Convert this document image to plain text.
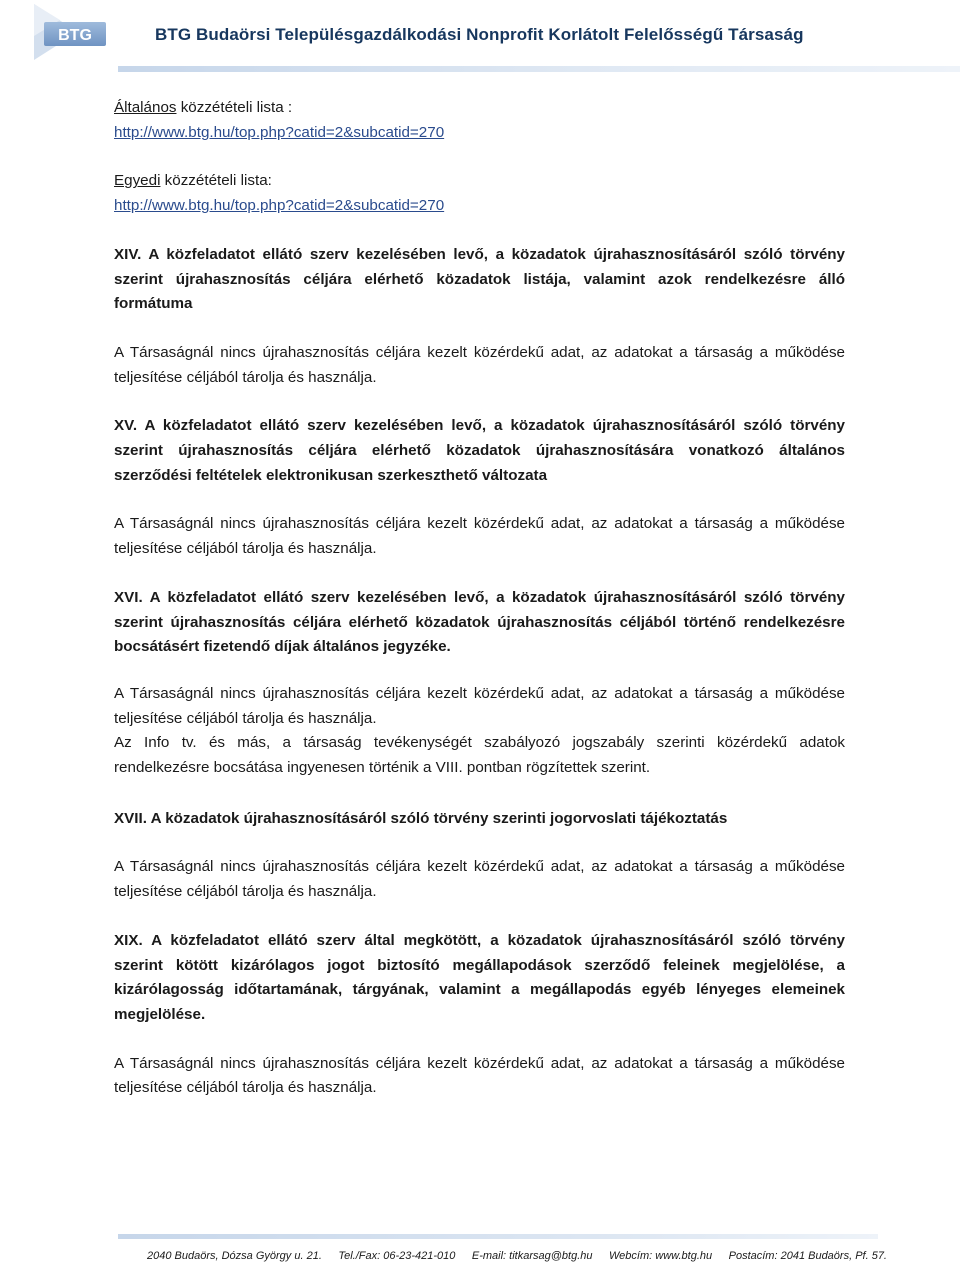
BTG	BTG Budaörsi Településgazdálkodási Nonprofit Korlátolt Felelősségű Társaság

Általános közzétételi lista :

http://www.btg.hu/top.php?catid=2&subcatid=270

Egyedi közzétételi lista:

http://www.btg.hu/top.php?catid=2&subcatid=270

XIV. A közfeladatot ellátó szerv kezelésében levő, a közadatok újrahasznosításáról szóló törvény szerint újrahasznosítás céljára elérhető közadatok listája, valamint azok rendelkezésre álló formátuma

A Társaságnál nincs újrahasznosítás céljára kezelt közérdekű adat, az adatokat a társaság a működése teljesítése céljából tárolja és használja.

XV. A közfeladatot ellátó szerv kezelésében levő, a közadatok újrahasznosításáról szóló törvény szerint újrahasznosítás céljára elérhető közadatok újrahasznosítására vonatkozó általános szerződési feltételek elektronikusan szerkeszthető változata

A Társaságnál nincs újrahasznosítás céljára kezelt közérdekű adat, az adatokat a társaság a működése teljesítése céljából tárolja és használja.

XVI. A közfeladatot ellátó szerv kezelésében levő, a közadatok újrahasznosításáról szóló törvény szerint újrahasznosítás céljára elérhető közadatok újrahasznosítás céljából történő rendelkezésre bocsátásért fizetendő díjak általános jegyzéke.

A Társaságnál nincs újrahasznosítás céljára kezelt közérdekű adat, az adatokat a társaság a működése teljesítése céljából tárolja és használja.

Az Info tv. és más, a társaság tevékenységét szabályozó jogszabály szerinti közérdekű adatok rendelkezésre bocsátása ingyenesen történik a VIII. pontban rögzítettek szerint.

XVII. A közadatok újrahasznosításáról szóló törvény szerinti jogorvoslati tájékoztatás

A Társaságnál nincs újrahasznosítás céljára kezelt közérdekű adat, az adatokat a társaság a működése teljesítése céljából tárolja és használja.

XIX. A közfeladatot ellátó szerv által megkötött, a közadatok újrahasznosításáról szóló törvény szerint kötött kizárólagos jogot biztosító megállapodások szerződő feleinek megjelölése, a kizárólagosság időtartamának, tárgyának, valamint a megállapodás egyéb lényeges elemeinek megjelölése.

A Társaságnál nincs újrahasznosítás céljára kezelt közérdekű adat, az adatokat a társaság a működése teljesítése céljából tárolja és használja.

2040 Budaörs, Dózsa György u. 21. Tel./Fax: 06-23-421-010 E-mail: titkarsag@btg.hu Webcím: www.btg.hu Postacím: 2041 Budaörs, Pf. 57.
